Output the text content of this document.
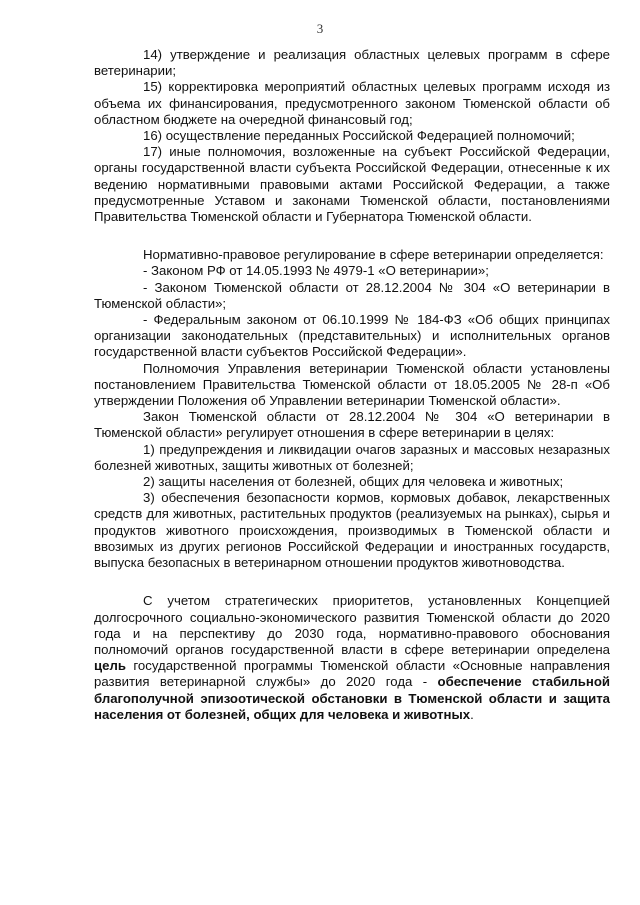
3

14) утверждение и реализация областных целевых программ в сфере ветеринарии;

15) корректировка мероприятий областных целевых программ исходя из объема их финансирования, предусмотренного законом Тюменской области об областном бюджете на очередной финансовый год;

16) осуществление переданных Российской Федерацией полномочий;

17) иные полномочия, возложенные на субъект Российской Федерации, органы государственной власти субъекта Российской Федерации, отнесенные к их ведению нормативными правовыми актами Российской Федерации, а также предусмотренные Уставом и законами Тюменской области, постановлениями Правительства Тюменской области и Губернатора Тюменской области.

Нормативно-правовое регулирование в сфере ветеринарии определяется:

- Законом РФ от 14.05.1993 № 4979-1 «О ветеринарии»;

- Законом Тюменской области от 28.12.2004 № 304 «О ветеринарии в Тюменской области»;

- Федеральным законом от 06.10.1999 № 184-ФЗ «Об общих принципах организации законодательных (представительных) и исполнительных органов государственной власти субъектов Российской Федерации».

Полномочия Управления ветеринарии Тюменской области установлены постановлением Правительства Тюменской области от 18.05.2005 № 28-п «Об утверждении Положения об Управлении ветеринарии Тюменской области».

Закон Тюменской области от 28.12.2004 № 304 «О ветеринарии в Тюменской области» регулирует отношения в сфере ветеринарии в целях:

1) предупреждения и ликвидации очагов заразных и массовых незаразных болезней животных, защиты животных от болезней;

2) защиты населения от болезней, общих для человека и животных;

3) обеспечения безопасности кормов, кормовых добавок, лекарственных средств для животных, растительных продуктов (реализуемых на рынках), сырья и продуктов животного происхождения, производимых в Тюменской области и ввозимых из других регионов Российской Федерации и иностранных государств, выпуска безопасных в ветеринарном отношении продуктов животноводства.

С учетом стратегических приоритетов, установленных Концепцией долгосрочного социально-экономического развития Тюменской области до 2020 года и на перспективу до 2030 года, нормативно-правового обоснования полномочий органов государственной власти в сфере ветеринарии определена цель государственной программы Тюменской области «Основные направления развития ветеринарной службы» до 2020 года - обеспечение стабильной благополучной эпизоотической обстановки в Тюменской области и защита населения от болезней, общих для человека и животных.
